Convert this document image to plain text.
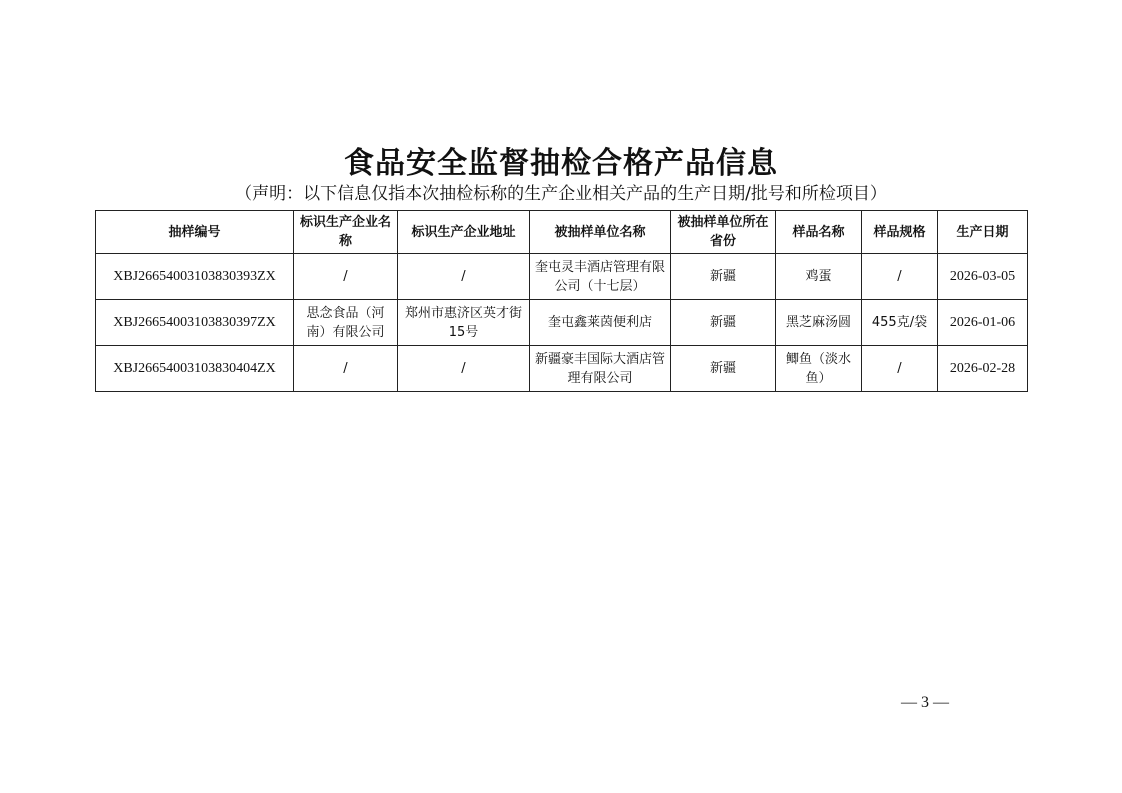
食品安全监督抽检合格产品信息
（声明：以下信息仅指本次抽检标称的生产企业相关产品的生产日期/批号和所检项目）
抽样编号	标识生产企业名称	标识生产企业地址	被抽样单位名称	被抽样单位所在省份	样品名称	样品规格	生产日期
XBJ26654003103830393ZX	/	/	奎屯灵丰酒店管理有限公司（十七层）	新疆	鸡蛋	/	2026-03-05
XBJ26654003103830397ZX	思念食品（河南）有限公司	郑州市惠济区英才街15号	奎屯鑫莱茵便利店	新疆	黑芝麻汤圆	455克/袋	2026-01-06
XBJ26654003103830404ZX	/	/	新疆豪丰国际大酒店管理有限公司	新疆	鲫鱼（淡水鱼）	/	2026-02-28
— 3 —
